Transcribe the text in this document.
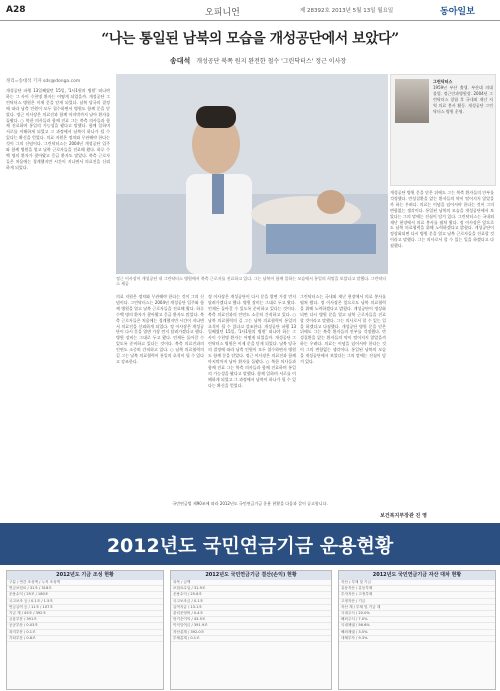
A28	오피니언	제 28392호 2013년 5월 13일 월요일	동아일보
“나는 통일된 남북의 모습을 개성공단에서 보았다”
송대석 개성공단 북쪽 원지 완전한 철수 '그린닥터스' 정근 이사장
정리=송대석 기자 sds@donga.com
개성공단 파행 13일째였던 15일, '1사1원의 병원' 떠나야 하는 그 사이 수천명 환자는 어떻게 되었을까. 개성공단 그린닥터스 병원은 이제 문을 닫게 되었다. 남북 당국의 결정에 따라 남측 인원이 모두 철수하면서 병원도 함께 문을 닫았다. 정근 이사장은 의료진과 함께 마지막까지 남아 환자를 돌봤다. ○ 북한 의사들과 함께 진료 그는 북측 의사들과 함께 진료하며 통일의 가능성을 봤다고 말했다. 함께 일하며 서로를 이해하게 되었고 그 과정에서 남북이 하나가 될 수 있다는 확신을 얻었다. 의료 지원은 정치와 무관해야 한다는 것이 그의 신념이다. 그린닥터스는 2004년 개성공단 입주와 함께 병원을 열고 남북 근로자들을 진료해 왔다. 하루 수백 명의 환자가 찾아왔고 응급 환자도 많았다. 북측 근로자들은 처음에는 경계했지만 시간이 지나면서 의료진을 신뢰하게 되었다.
정근 이사장이 개성공단 내 그린닥터스 병원에서 북측 근로자를 진료하고 있다. 그는 남북이 함께 일하는 모습에서 통일의 희망을 보았다고 말했다. 그린닥터스 제공
그린닥터스
1959년 부산 출생. 부산대 의대 졸업. 정근안과병원장. 2004년 그린닥터스 창립 후 국내외 재난 지역 의료 봉사 활동. 개성공단 그린닥터스 병원 운영.
개성공단 병원 문을 닫은 뒤에도 그는 북측 환자들의 안부를 걱정했다. 만성질환을 앓는 환자들의 약이 떨어지지 않았을까 하는 우려다. 의료는 이념을 넘어서야 한다는 것이 그의 변함없는 생각이다. 통일된 남북의 모습을 개성공단에서 보았다는 그의 말에는 진심이 담겨 있다. 그린닥터스는 국내외 재난 현장에서 의료 봉사를 펼쳐 왔다. 정 이사장은 앞으로도 남북 의료협력을 위해 노력하겠다고 밝혔다. 개성공단이 정상화되면 다시 병원 문을 열고 남북 근로자들을 진료할 것이라고 말했다. 그는 의사로서 할 수 있는 일을 하겠다고 다짐했다.
의료 지원은 정치와 무관해야 한다는 것이 그의 신념이다. 그린닥터스는 2004년 개성공단 입주와 함께 병원을 열고 남북 근로자들을 진료해 왔다. 하루 수백 명의 환자가 찾아왔고 응급 환자도 많았다. 북측 근로자들은 처음에는 경계했지만 시간이 지나면서 의료진을 신뢰하게 되었다. 정 이사장은 개성공단이 다시 문을 열면 가장 먼저 달려가겠다고 했다. 병원 장비는 그대로 두고 왔다. 언제든 돌아갈 수 있도록 준비하고 있다는 것이다. 북측 의료진과의 인연도 소중히 간직하고 있다. ○ 남북 의료협력의 길 그는 남북 의료협력이 통일의 초석이 될 수 있다고 강조한다.
정 이사장은 개성공단이 다시 문을 열면 가장 먼저 달려가겠다고 했다. 병원 장비는 그대로 두고 왔다. 언제든 돌아갈 수 있도록 준비하고 있다는 것이다. 북측 의료진과의 인연도 소중히 간직하고 있다. ○ 남북 의료협력의 길 그는 남북 의료협력이 통일의 초석이 될 수 있다고 강조한다. 개성공단 파행 13일째였던 15일, '1사1원의 병원' 떠나야 하는 그 사이 수천명 환자는 어떻게 되었을까. 개성공단 그린닥터스 병원은 이제 문을 닫게 되었다. 남북 당국의 결정에 따라 남측 인원이 모두 철수하면서 병원도 함께 문을 닫았다. 정근 이사장은 의료진과 함께 마지막까지 남아 환자를 돌봤다. ○ 북한 의사들과 함께 진료 그는 북측 의사들과 함께 진료하며 통일의 가능성을 봤다고 말했다. 함께 일하며 서로를 이해하게 되었고 그 과정에서 남북이 하나가 될 수 있다는 확신을 얻었다.
그린닥터스는 국내외 재난 현장에서 의료 봉사를 펼쳐 왔다. 정 이사장은 앞으로도 남북 의료협력을 위해 노력하겠다고 밝혔다. 개성공단이 정상화되면 다시 병원 문을 열고 남북 근로자들을 진료할 것이라고 말했다. 그는 의사로서 할 수 있는 일을 하겠다고 다짐했다. 개성공단 병원 문을 닫은 뒤에도 그는 북측 환자들의 안부를 걱정했다. 만성질환을 앓는 환자들의 약이 떨어지지 않았을까 하는 우려다. 의료는 이념을 넘어서야 한다는 것이 그의 변함없는 생각이다. 통일된 남북의 모습을 개성공단에서 보았다는 그의 말에는 진심이 담겨 있다.
국민연금법 제90조에 따라 2012년도 국민연금기금 운용 현황을 다음과 같이 공고합니다.
보건복지부장관 진 영
2012년도 국민연금기금 운용현황
2012년도 기금 조성 현황
구분 / 연간 조성액 / 누적 조성액
연금보험료 / 31조 / 318조
운용수익 / 25조 / 180조
국고보조 등 / 0.1조 / 1.5조
연금급여 등 / 11조 / 107조
기금 계 / 45조 / 392조
금융부문 / 391조
공공부문 / 0.03조
복지부문 / 0.1조
기타부문 / 0.8조
2012년도 국민연금기금 결산(손익) 현황
과목 / 금액
보험료수입 / 31.9조
운용수익 / 25.6조
국고보조금 / 0.1조
급여지급 / 13.1조
관리운영비 / 0.4조
당기순이익 / 43.5조
이익잉여금 / 391.9조
자산총계 / 392.0조
부채총계 / 0.1조
2012년도 국민연금기금 자산 대차 현황
자산 / 부채 및 기금
유동자산 / 유동부채
투자자산 / 고정부채
고정자산 / 기금
자산 계 / 부채 및 기금 계
국내주식 / 20.0%
해외주식 / 7.0%
국내채권 / 56.6%
해외채권 / 3.5%
대체투자 / 9.3%
